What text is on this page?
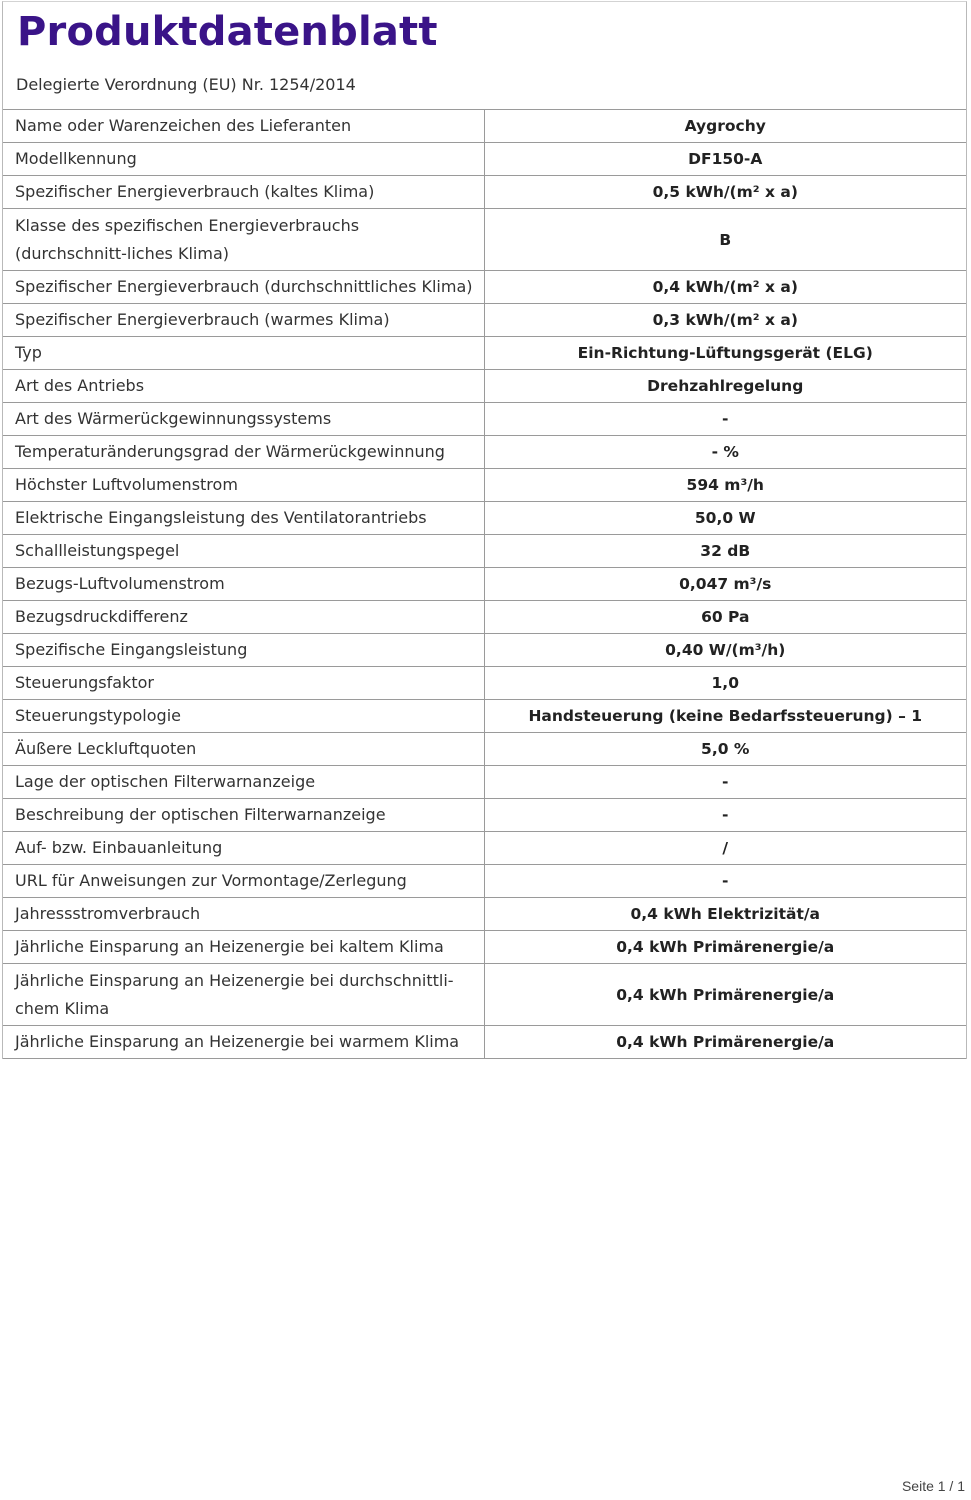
Produktdatenblatt

Delegierte Verordnung (EU) Nr. 1254/2014

Name oder Warenzeichen des Lieferanten	Aygrochy
Modellkennung	DF150-A
Spezifischer Energieverbrauch (kaltes Klima)	0,5 kWh/(m² x a)
Klasse des spezifischen Energieverbrauchs (durchschnitt-liches Klima)	B
Spezifischer Energieverbrauch (durchschnittliches Klima)	0,4 kWh/(m² x a)
Spezifischer Energieverbrauch (warmes Klima)	0,3 kWh/(m² x a)
Typ	Ein-Richtung-Lüftungsgerät (ELG)
Art des Antriebs	Drehzahlregelung
Art des Wärmerückgewinnungssystems	-
Temperaturänderungsgrad der Wärmerückgewinnung	- %
Höchster Luftvolumenstrom	594 m³/h
Elektrische Eingangsleistung des Ventilatorantriebs	50,0 W
Schallleistungspegel	32 dB
Bezugs-Luftvolumenstrom	0,047 m³/s
Bezugsdruckdifferenz	60 Pa
Spezifische Eingangsleistung	0,40 W/(m³/h)
Steuerungsfaktor	1,0
Steuerungstypologie	Handsteuerung (keine Bedarfssteuerung) – 1
Äußere Leckluftquoten	5,0 %
Lage der optischen Filterwarnanzeige	-
Beschreibung der optischen Filterwarnanzeige	-
Auf- bzw. Einbauanleitung	/
URL für Anweisungen zur Vormontage/Zerlegung	-
Jahressstromverbrauch	0,4 kWh Elektrizität/a
Jährliche Einsparung an Heizenergie bei kaltem Klima	0,4 kWh Primärenergie/a
Jährliche Einsparung an Heizenergie bei durchschnittli-chem Klima	0,4 kWh Primärenergie/a
Jährliche Einsparung an Heizenergie bei warmem Klima	0,4 kWh Primärenergie/a
Seite 1 / 1
